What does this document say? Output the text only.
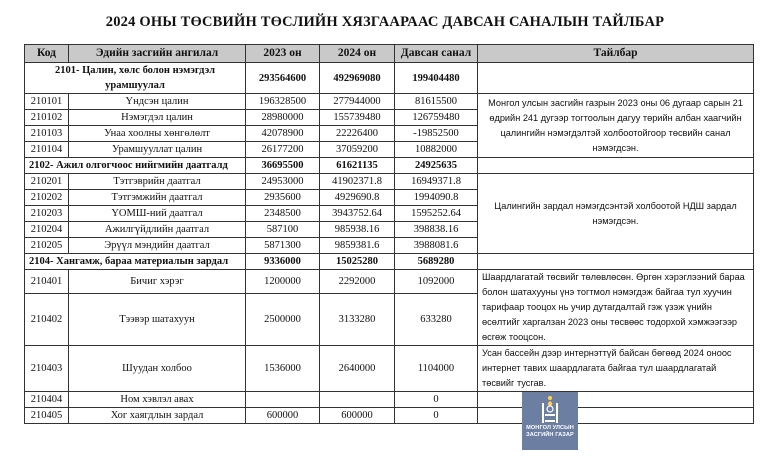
2024 ОНЫ ТӨСВИЙН ТӨСЛИЙН ХЯЗГААРААС ДАВСАН САНАЛЫН ТАЙЛБАР
Код	Эдийн засгийн ангилал	2023 он	2024 он	Давсан санал	Тайлбар
2101- Цалин, хөлс болон нэмэгдэл урамшуулал		293564600	492969080	199404480	
210101	Үндсэн цалин	196328500	277944000	81615500	Монгол улсын засгийн газрын 2023 оны 06 дугаар сарын 21 өдрийн 241 дугээр тогтоолын дагуу төрийн албан хаагчийн цалингийн нэмэгдэлтэй холбоотойгоор төсвийн санал нэмэгдсэн.
210102	Нэмэгдэл цалин	28980000	155739480	126759480	
210103	Унаа хоолны хөнгөлөлт	42078900	22226400	-19852500	
210104	Урамшууллат цалин	26177200	37059200	10882000	
2102- Ажил олгогчоос нийгмийн даатгалд		36695500	61621135	24925635	
210201	Тэтгэврийн даатгал	24953000	41902371.8	16949371.8	Цалингийн зардал нэмэгдсэнтэй холбоотой НДШ зардал нэмэгдсэн.
210202	Тэтгэмжийн даатгал	2935600	4929690.8	1994090.8	
210203	ҮОМШ-ний даатгал	2348500	3943752.64	1595252.64	
210204	Ажилгүйдлийн даатгал	587100	985938.16	398838.16	
210205	Эрүүл мэндийн даатгал	5871300	9859381.6	3988081.6	
2104- Хангамж, бараа материалын зардал		9336000	15025280	5689280	
210401	Бичиг хэрэг	1200000	2292000	1092000	Шаардлагатай төсвийг төлөвлөсөн. Өргөн хэрэглээний бараа болон шатахууны үнэ тогтмол нэмэгдэж байгаа тул хуучин тарифаар тооцох нь учир дутагдалтай гэж үзэж үнийн өсөлтийг харгалзан 2023 оны төсвөөс тодорхой хэмжээгээр өсгөж тооцсон.
210402	Тээвэр шатахуун	2500000	3133280	633280	
210403	Шуудан холбоо	1536000	2640000	1104000	Усан бассейн дээр интернэттүй байсан бөгөөд 2024 оноос интернет тавих шаардлагата байгаа тул шаардлагатай төсвийг тусгав.
210404	Ном хэвлэл авах			0	
210405	Хог хаягдлын зардал	600000	600000	0	
МОНГОЛ УЛСЫН
ЗАСГИЙН ГАЗАР
